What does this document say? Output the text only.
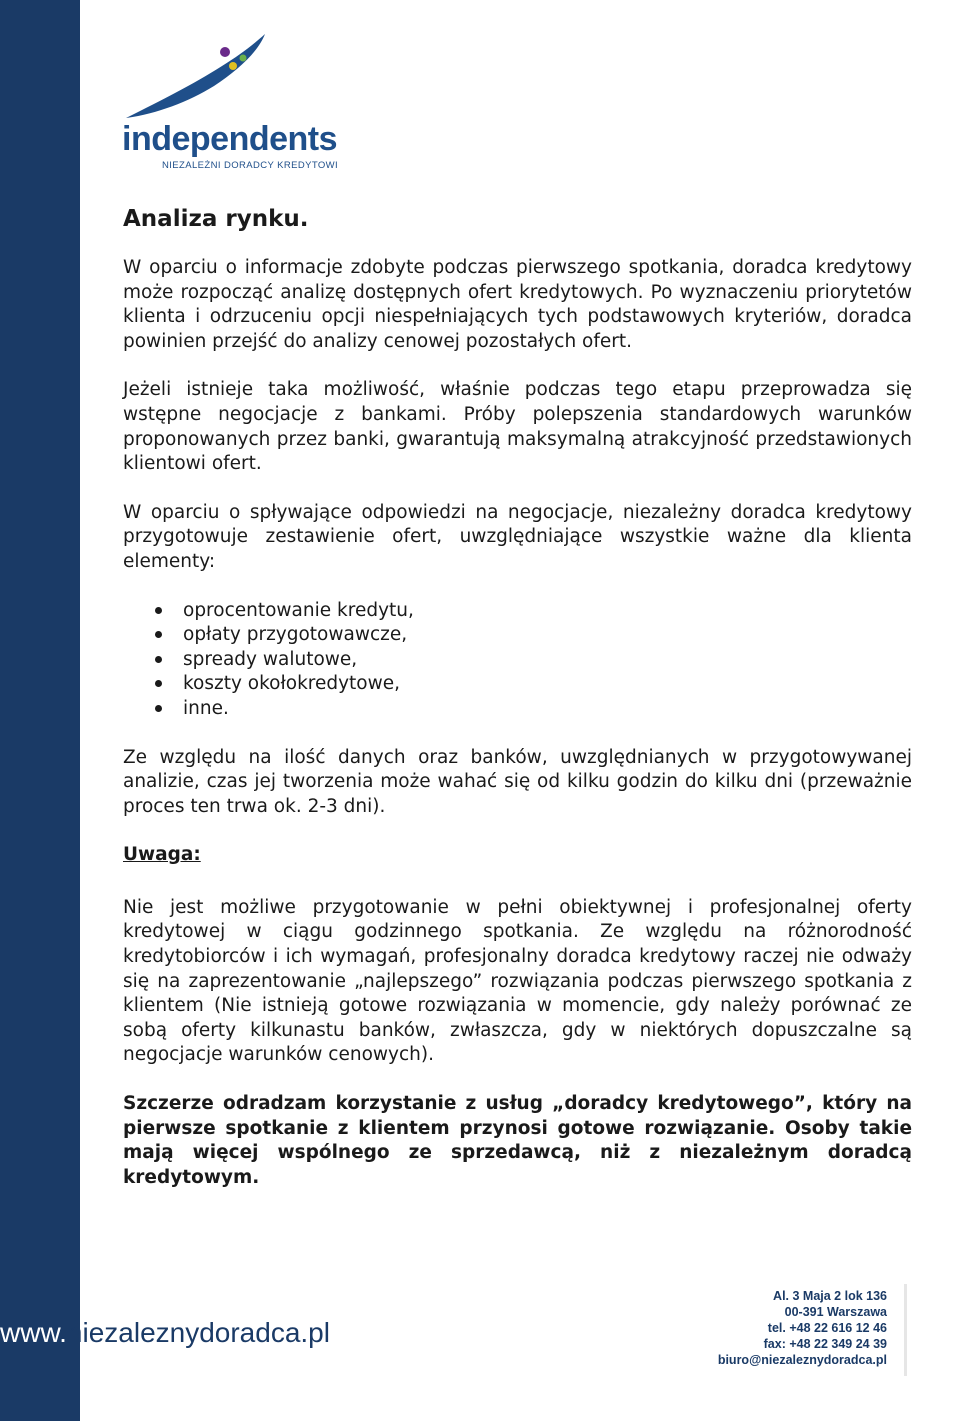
independents
NIEZALEŻNI DORADCY KREDYTOWI
Analiza rynku.

W oparciu o informacje zdobyte podczas pierwszego spotkania, doradca kredytowy może rozpocząć analizę dostępnych ofert kredytowych. Po wyznaczeniu priorytetów klienta i odrzuceniu opcji niespełniających tych podstawowych kryteriów, doradca powinien przejść do analizy cenowej pozostałych ofert.

Jeżeli istnieje taka możliwość, właśnie podczas tego etapu przeprowadza się wstępne negocjacje z bankami. Próby polepszenia standardowych warunków proponowanych przez banki, gwarantują maksymalną atrakcyjność przedstawionych klientowi ofert.

W oparciu o spływające odpowiedzi na negocjacje, niezależny doradca kredytowy przygotowuje zestawienie ofert, uwzględniające wszystkie ważne dla klienta elementy:

oprocentowanie kredytu,
opłaty przygotowawcze,
spready walutowe,
koszty okołokredytowe,
inne.

Ze względu na ilość danych oraz banków, uwzględnianych w przygotowywanej analizie, czas jej tworzenia może wahać się od kilku godzin do kilku dni (przeważnie proces ten trwa ok. 2-3 dni).

Uwaga:

Nie jest możliwe przygotowanie w pełni obiektywnej i profesjonalnej oferty kredytowej w ciągu godzinnego spotkania. Ze względu na różnorodność kredytobiorców i ich wymagań, profesjonalny doradca kredytowy raczej nie odważy się na zaprezentowanie „najlepszego” rozwiązania podczas pierwszego spotkania z klientem (Nie istnieją gotowe rozwiązania w momencie, gdy należy porównać ze sobą oferty kilkunastu banków, zwłaszcza, gdy w niektórych dopuszczalne są negocjacje warunków cenowych).

Szczerze odradzam korzystanie z usług „doradcy kredytowego”, który na pierwsze spotkanie z klientem przynosi gotowe rozwiązanie. Osoby takie mają więcej wspólnego ze sprzedawcą, niż z niezależnym doradcą kredytowym.

www.niezaleznydoradca.pl
Al. 3 Maja 2 lok 136
00-391 Warszawa
tel. +48 22 616 12 46
fax: +48 22 349 24 39
biuro@niezaleznydoradca.pl
